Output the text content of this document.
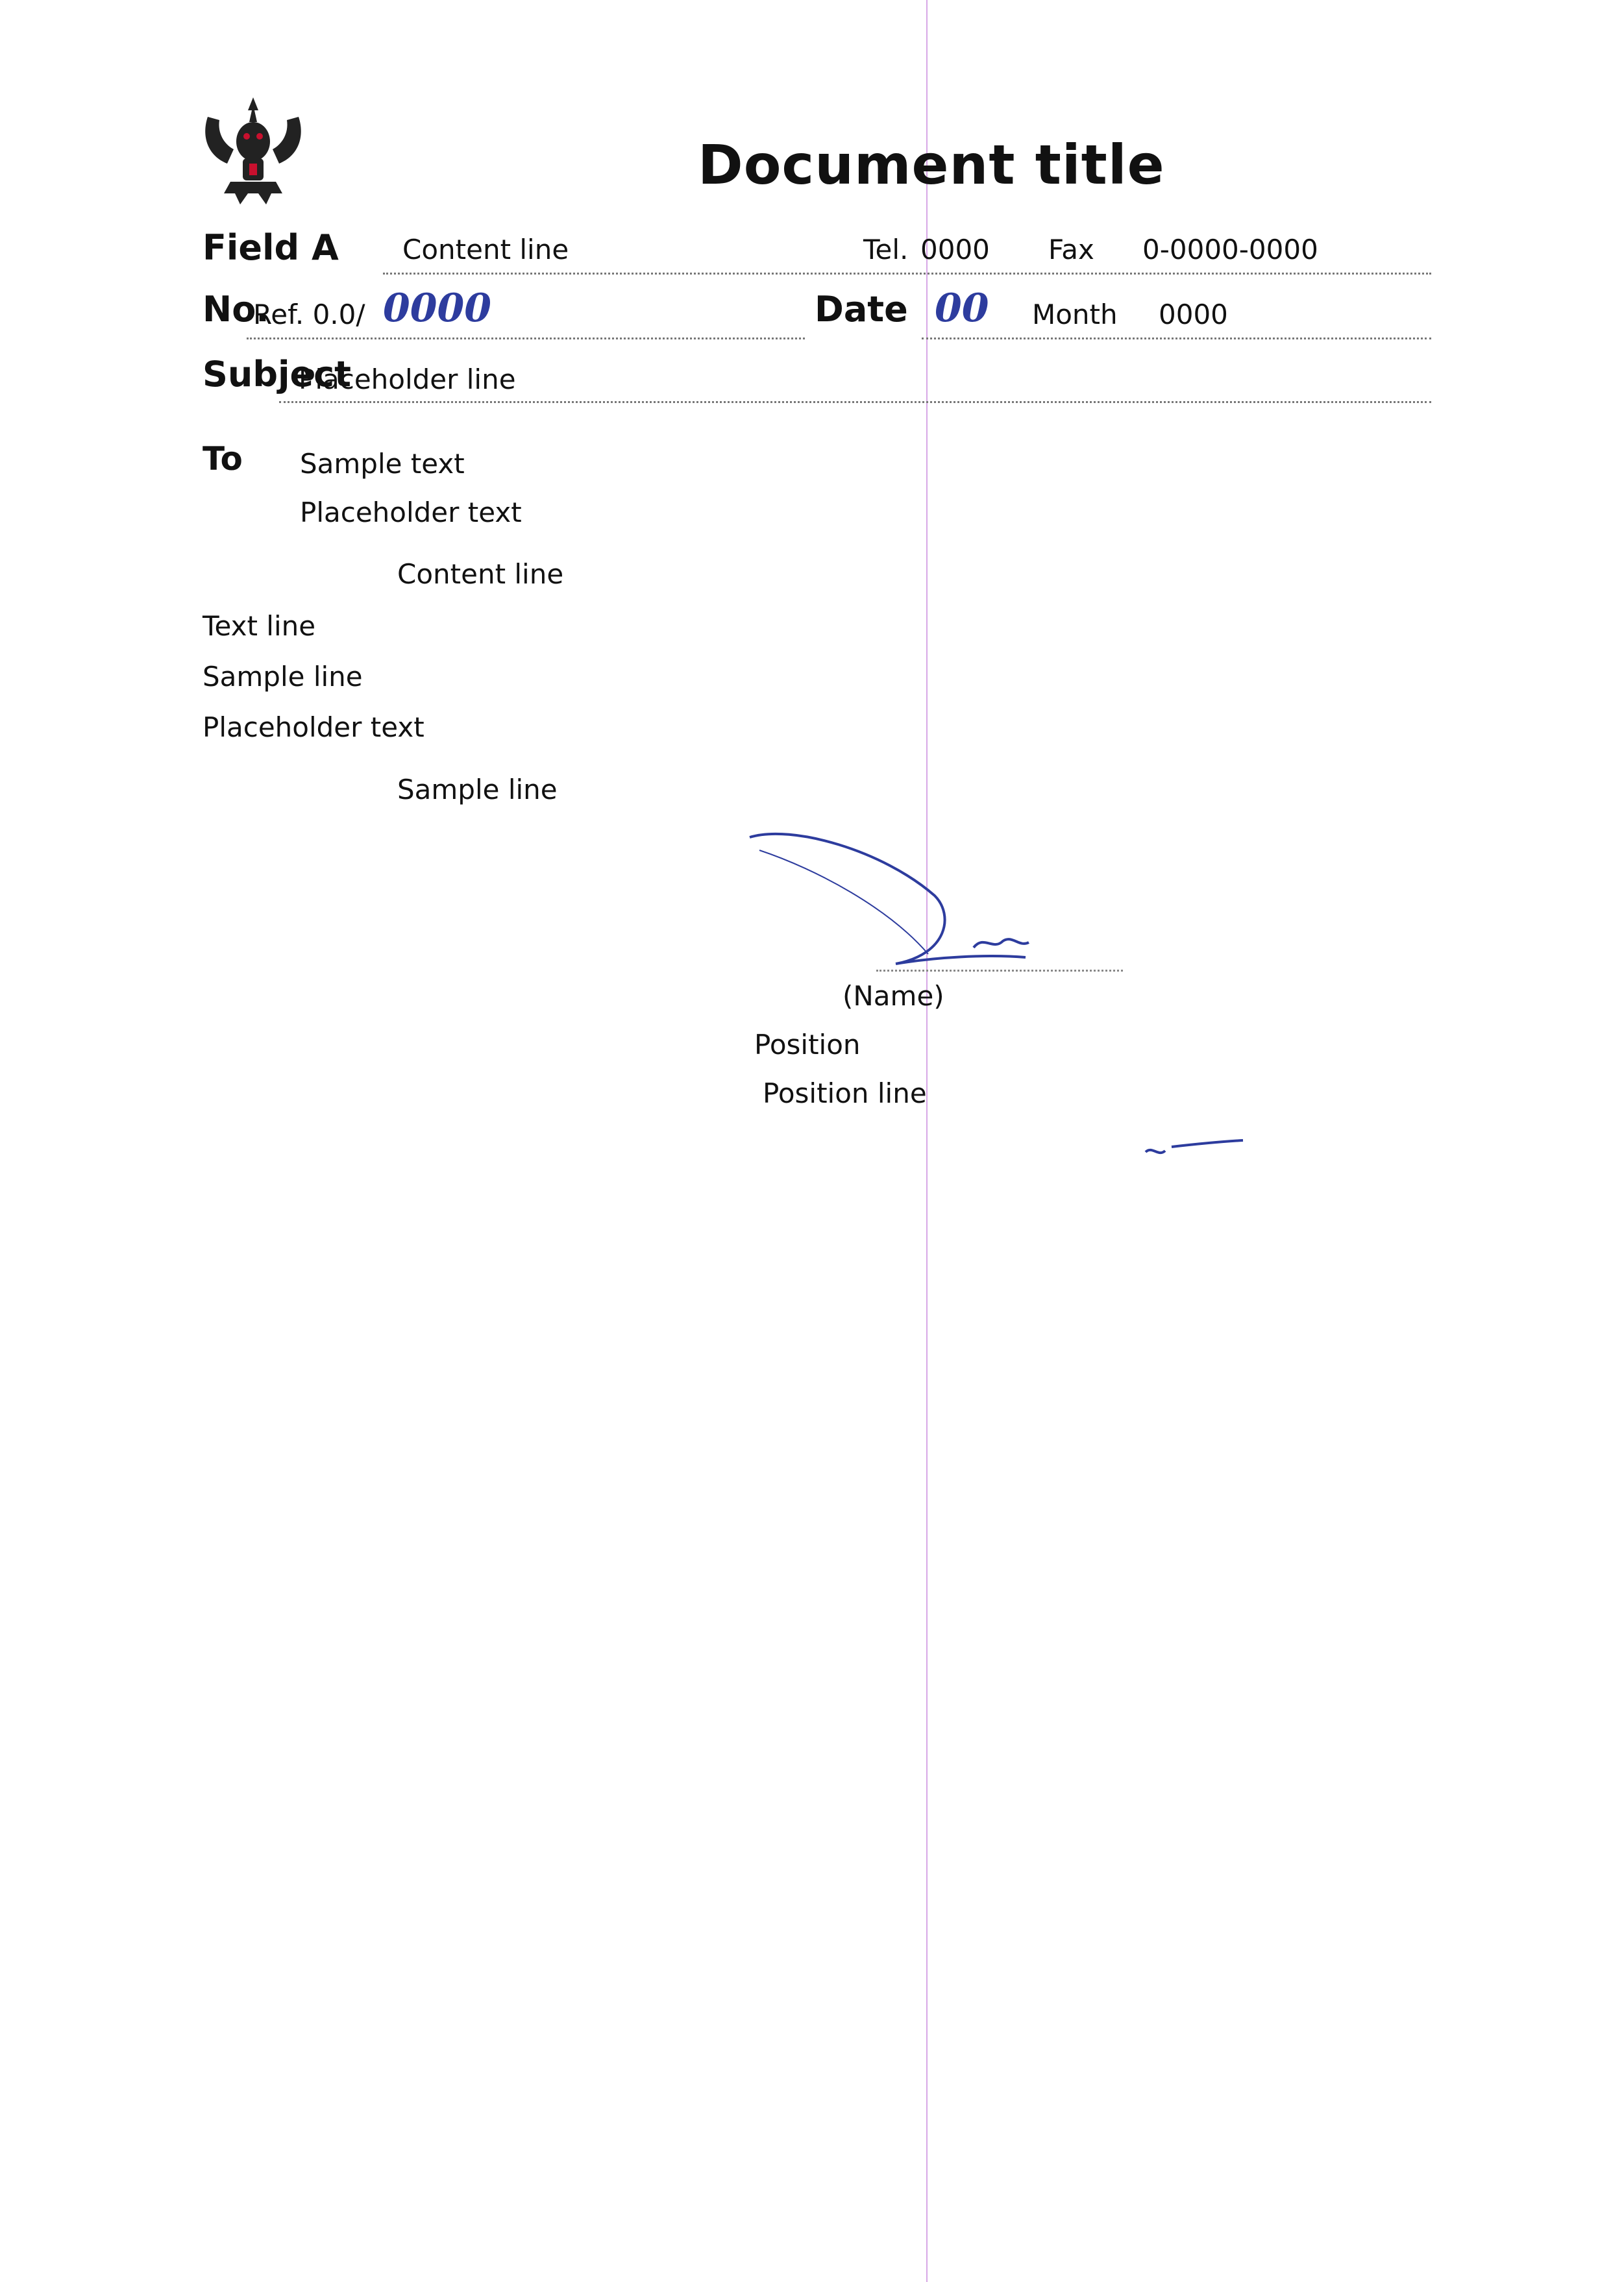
Document title
Field A Content line	Tel. 0000 Fax 0-0000-0000
No.
Ref. 0.0/ 0000	Date 00 Month 0000
Subject
Placeholder line
To Sample text
Placeholder text
Content line
Text line
Sample line
Placeholder text
Sample line
(Name)
Position
Position line
